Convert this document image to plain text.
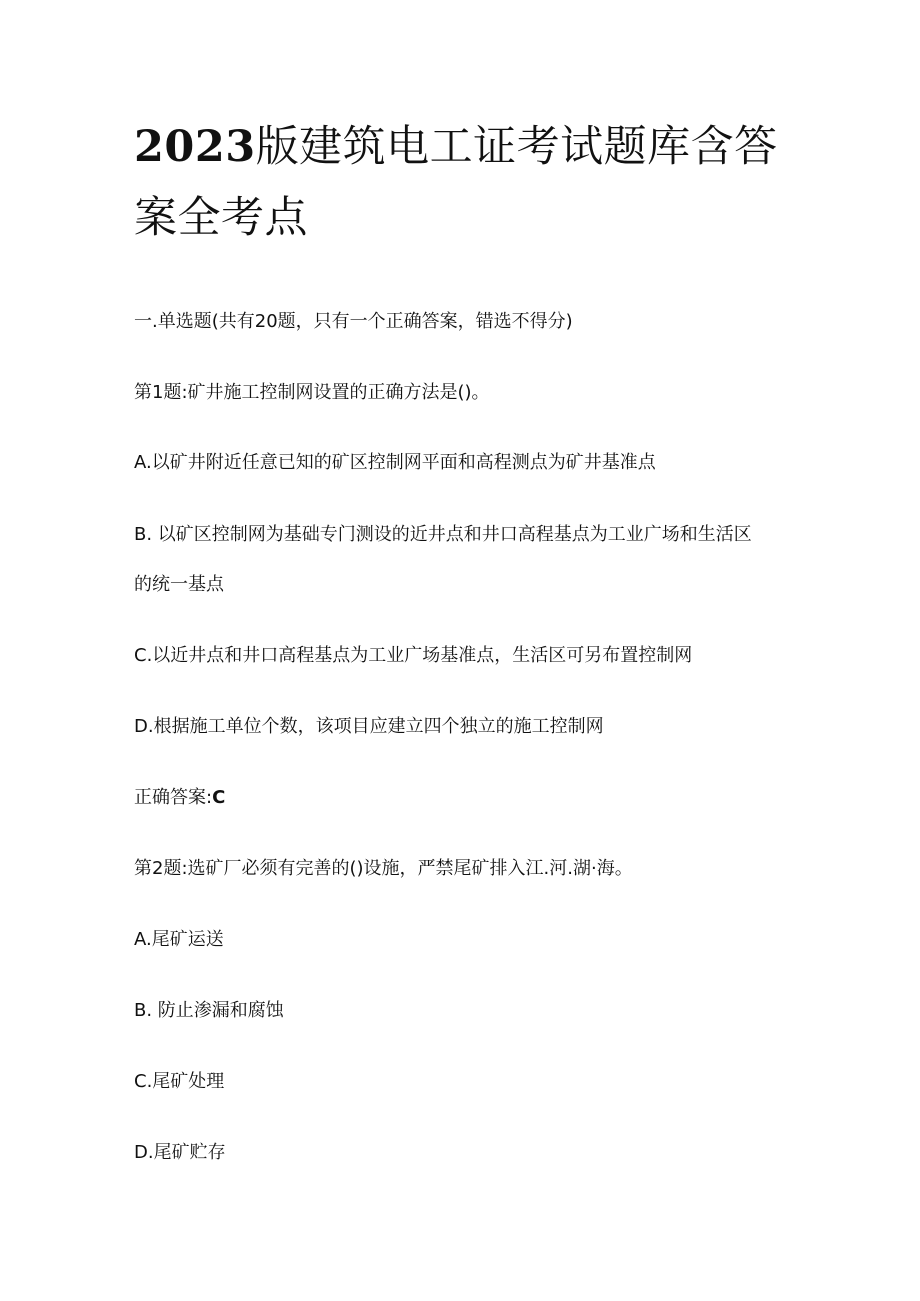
2023版建筑电工证考试题库含答案全考点
一.单选题(共有20题，只有一个正确答案，错选不得分)
第1题:矿井施工控制网设置的正确方法是()。
A.以矿井附近任意已知的矿区控制网平面和高程测点为矿井基准点
B. 以矿区控制网为基础专门测设的近井点和井口高程基点为工业广场和生活区
的统一基点
C.以近井点和井口高程基点为工业广场基准点，生活区可另布置控制网
D.根据施工单位个数，该项目应建立四个独立的施工控制网
正确答案:C
第2题:选矿厂必须有完善的()设施，严禁尾矿排入江.河.湖·海。
A.尾矿运送
B. 防止渗漏和腐蚀
C.尾矿处理
D.尾矿贮存
